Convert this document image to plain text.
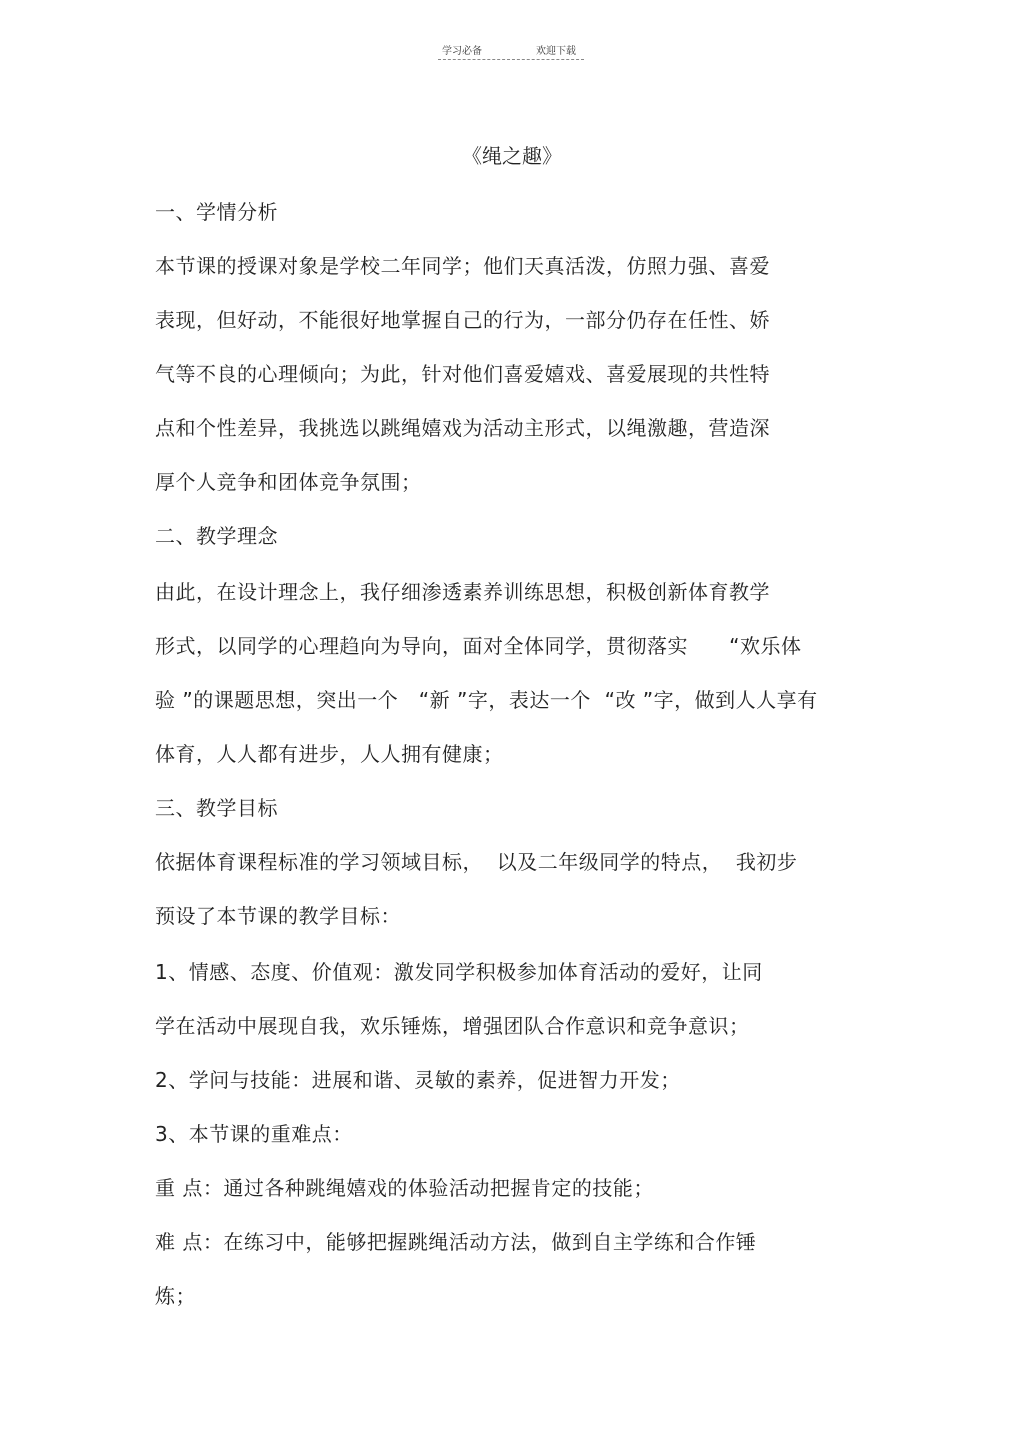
学习必备	欢迎下载
《绳之趣》
一、学情分析
本节课的授课对象是学校二年同学；他们天真活泼，仿照力强、喜爱
表现，但好动，不能很好地掌握自己的行为，一部分仍存在任性、娇
气等不良的心理倾向；为此，针对他们喜爱嬉戏、喜爱展现的共性特
点和个性差异，我挑选以跳绳嬉戏为活动主形式，以绳激趣，营造深
厚个人竞争和团体竞争氛围；
二、教学理念
由此，在设计理念上，我仔细渗透素养训练思想，积极创新体育教学
形式，以同学的心理趋向为导向，面对全体同学，贯彻落实      “欢乐体
验 ”的课题思想，突出一个   “新 ”字，表达一个  “改 ”字，做到人人享有
体育，人人都有进步，人人拥有健康；
三、教学目标
依据体育课程标准的学习领域目标，  以及二年级同学的特点，  我初步
预设了本节课的教学目标：
1、情感、态度、价值观：激发同学积极参加体育活动的爱好，让同
学在活动中展现自我，欢乐锤炼，增强团队合作意识和竞争意识；
2、学问与技能：进展和谐、灵敏的素养，促进智力开发；
3、本节课的重难点：
重 点：通过各种跳绳嬉戏的体验活动把握肯定的技能；
难 点：在练习中，能够把握跳绳活动方法，做到自主学练和合作锤
炼；
